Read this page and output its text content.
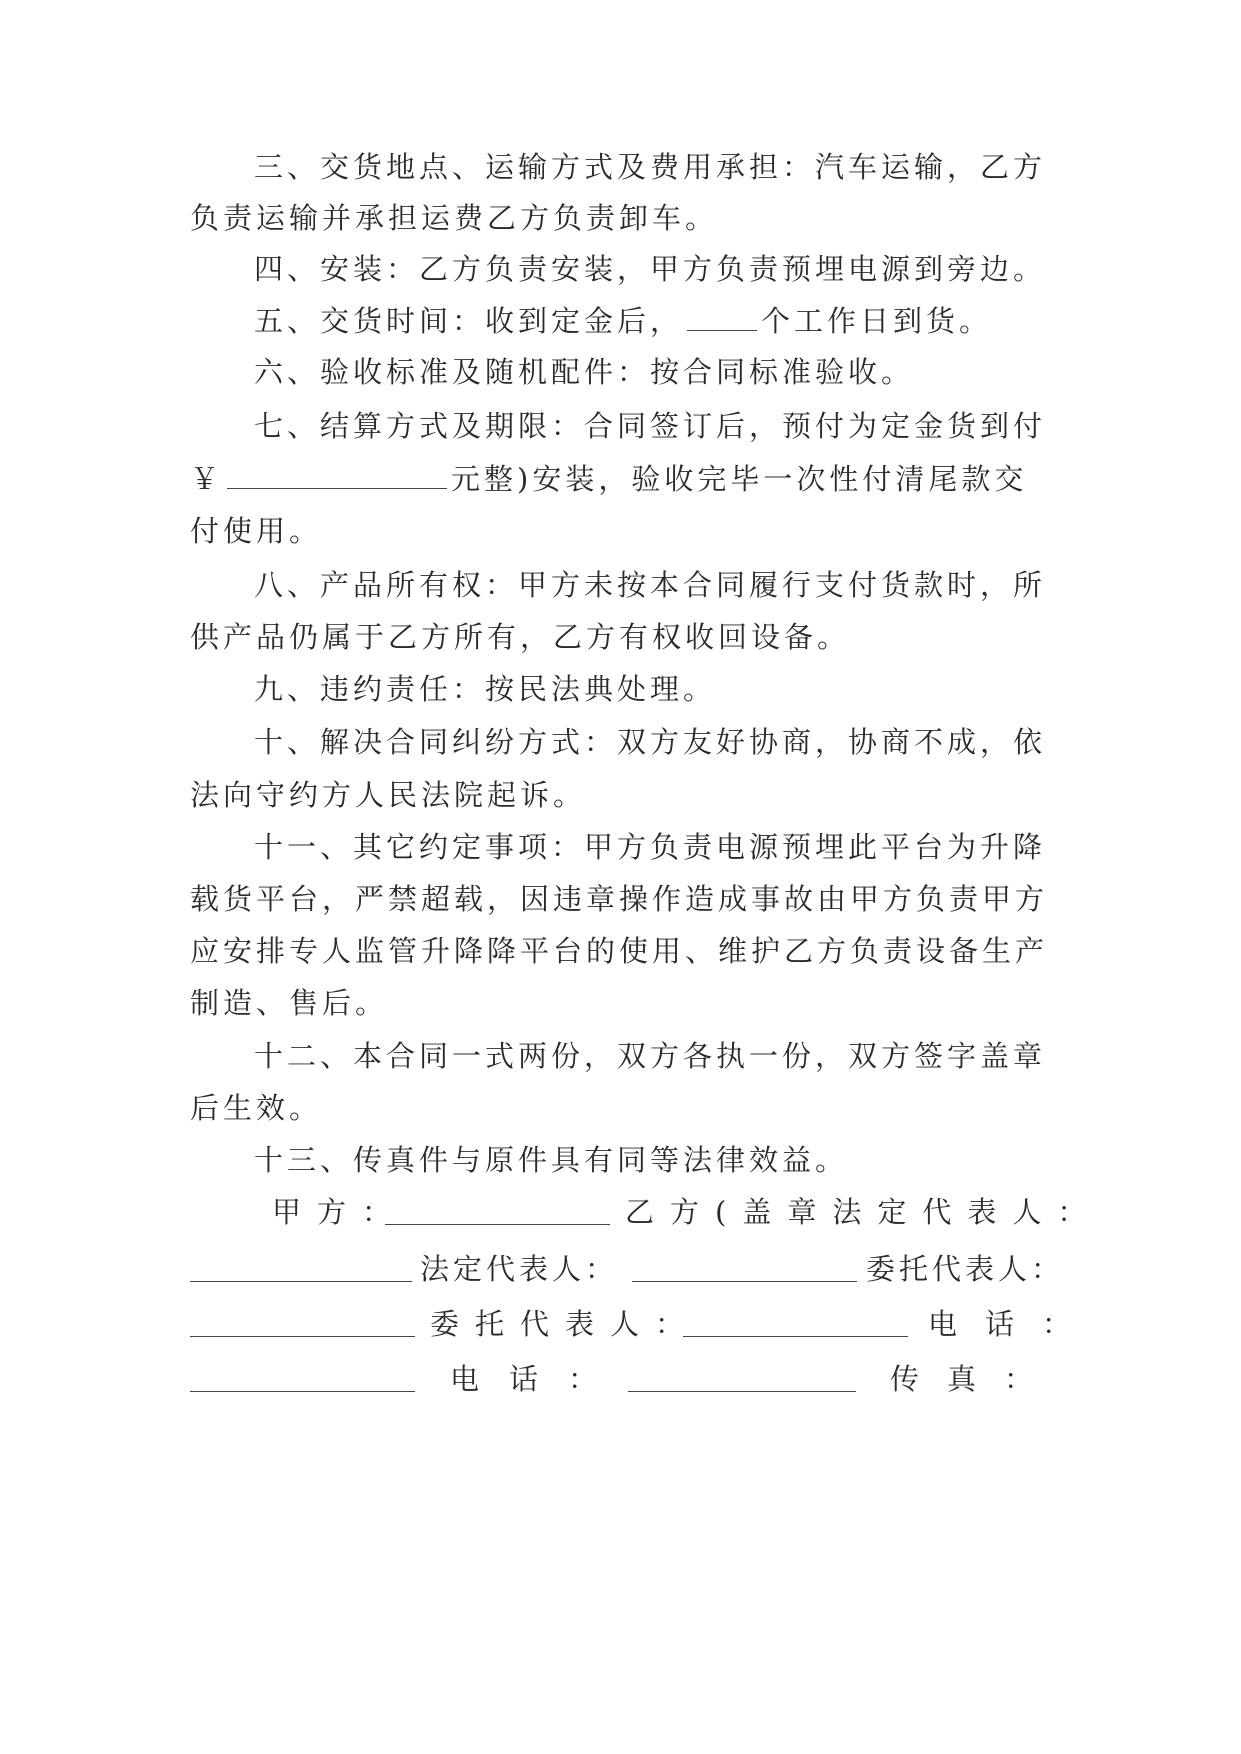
三、交货地点、运输方式及费用承担：汽车运输，乙方
负责运输并承担运费乙方负责卸车。
四、安装：乙方负责安装，甲方负责预埋电源到旁边。
五、交货时间：收到定金后，	个工作日到货。
六、验收标准及随机配件：按合同标准验收。
七、结算方式及期限：合同签订后，预付为定金货到付
￥	元整)安装，验收完毕一次性付清尾款交
付使用。
八、产品所有权：甲方未按本合同履行支付货款时，所
供产品仍属于乙方所有，乙方有权收回设备。
九、违约责任：按民法典处理。
十、解决合同纠纷方式：双方友好协商，协商不成，依
法向守约方人民法院起诉。
十一、其它约定事项：甲方负责电源预埋此平台为升降
载货平台，严禁超载，因违章操作造成事故由甲方负责甲方
应安排专人监管升降降平台的使用、维护乙方负责设备生产
制造、售后。
十二、本合同一式两份，双方各执一份，双方签字盖章
后生效。
十三、传真件与原件具有同等法律效益。
甲方：	乙方(盖章法定代表人：
法定代表人：	委托代表人：
委托代表人：	电话：
电话：	传真：
